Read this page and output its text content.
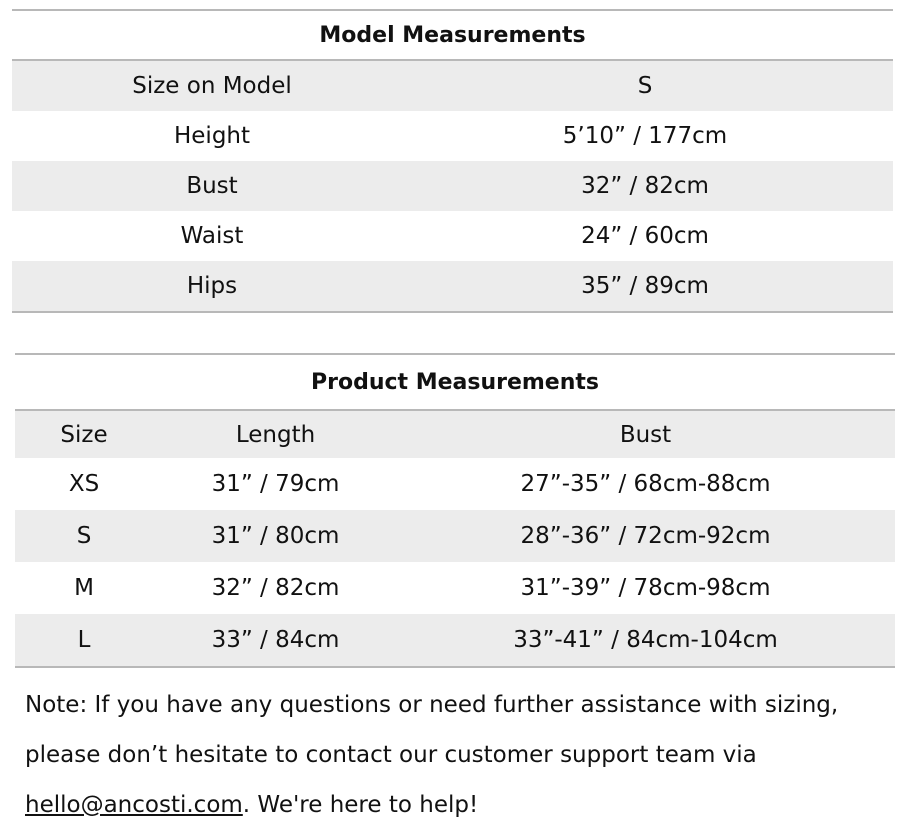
Model Measurements
Size on Model	S
Height	5’10” / 177cm
Bust	32” / 82cm
Waist	24” / 60cm
Hips	35” / 89cm
Product Measurements
Size	Length	Bust
XS	31” / 79cm	27”-35” / 68cm-88cm
S	31” / 80cm	28”-36” / 72cm-92cm
M	32” / 82cm	31”-39” / 78cm-98cm
L	33” / 84cm	33”-41” / 84cm-104cm
Note: If you have any questions or need further assistance with sizing, please don’t hesitate to contact our customer support team via hello@ancosti.com. We're here to help!
